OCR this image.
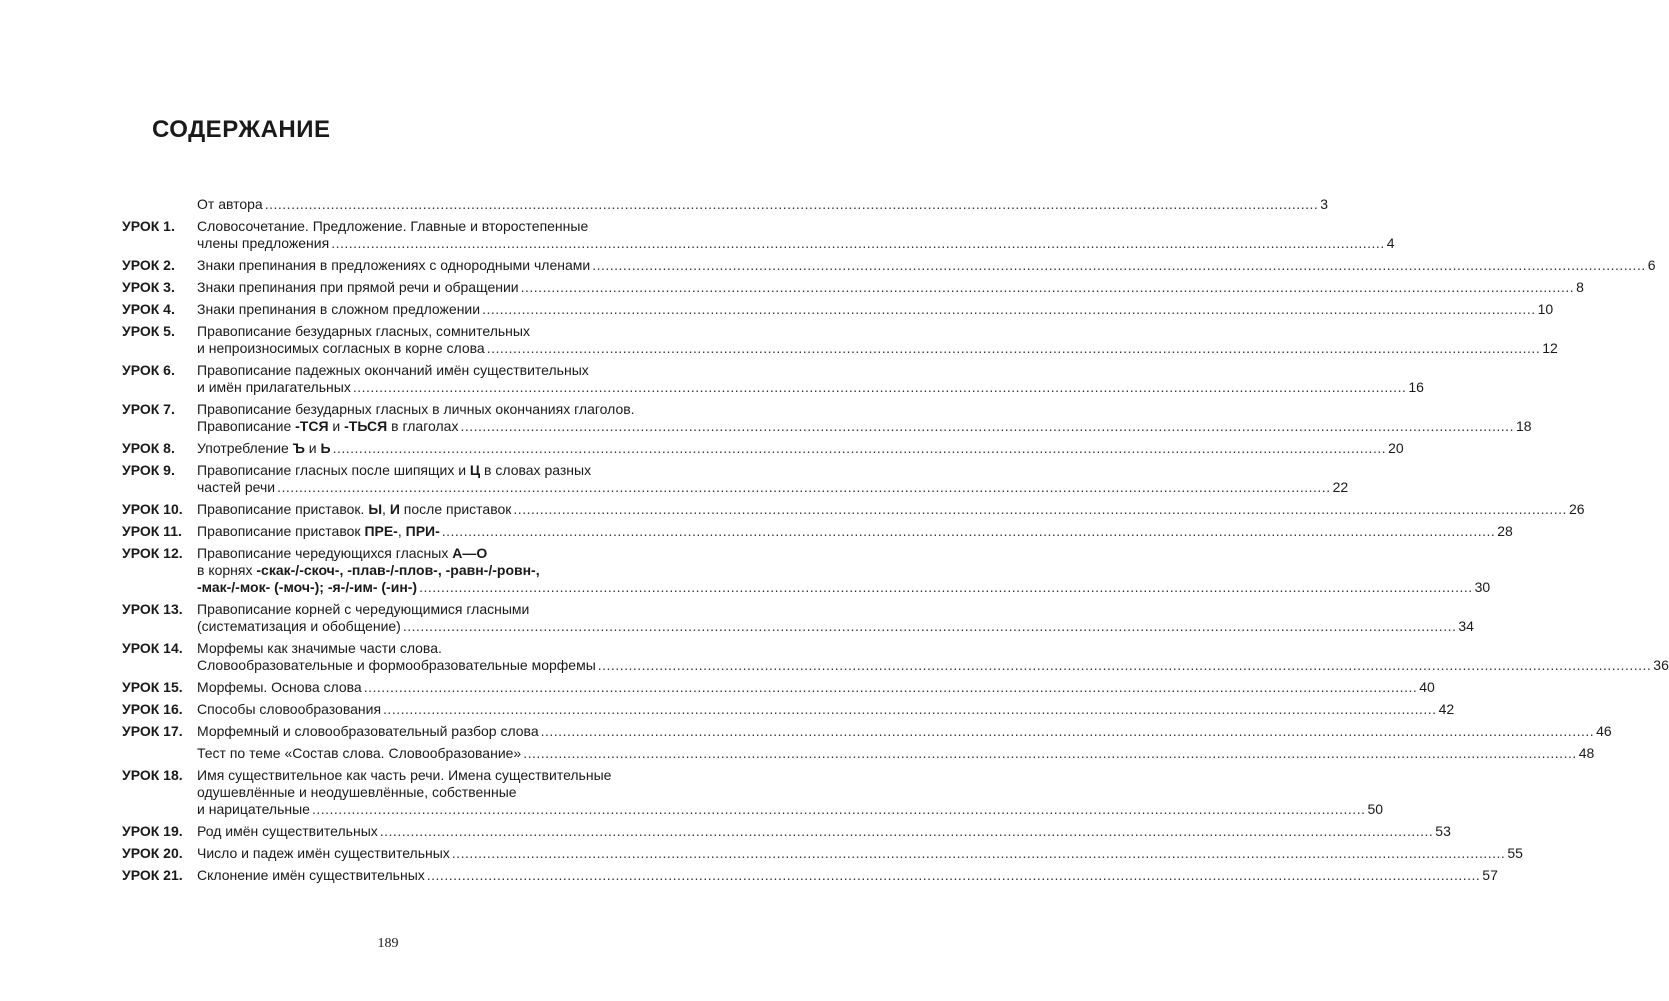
СОДЕРЖАНИЕ
От автора ................................................................................................................................................................................................................................................ 3
УРОК 1.	Словосочетание. Предложение. Главные и второстепенные
члены предложения ................................................................................................................................................................................................................................................ 4
УРОК 2.	Знаки препинания в предложениях с однородными членами ................................................................................................................................................................................................................................................ 6
УРОК 3.	Знаки препинания при прямой речи и обращении ................................................................................................................................................................................................................................................ 8
УРОК 4.	Знаки препинания в сложном предложении ................................................................................................................................................................................................................................................ 10
УРОК 5.	Правописание безударных гласных, сомнительных
и непроизносимых согласных в корне слова ................................................................................................................................................................................................................................................ 12
УРОК 6.	Правописание падежных окончаний имён существительных
и имён прилагательных ................................................................................................................................................................................................................................................ 16
УРОК 7.	Правописание безударных гласных в личных окончаниях глаголов.
Правописание -ТСЯ и -ТЬСЯ в глаголах ................................................................................................................................................................................................................................................ 18
УРОК 8.	Употребление Ъ и Ь ................................................................................................................................................................................................................................................ 20
УРОК 9.	Правописание гласных после шипящих и Ц в словах разных
частей речи ................................................................................................................................................................................................................................................ 22
УРОК 10.	Правописание приставок. Ы, И после приставок ................................................................................................................................................................................................................................................ 26
УРОК 11.	Правописание приставок ПРЕ-, ПРИ- ................................................................................................................................................................................................................................................ 28
УРОК 12.	Правописание чередующихся гласных А—О
в корнях -скак-/-скоч-, -плав-/-плов-, -равн-/-ровн-,
-мак-/-мок- (-моч-); -я-/-им- (-ин-) ................................................................................................................................................................................................................................................ 30
УРОК 13.	Правописание корней с чередующимися гласными
(систематизация и обобщение) ................................................................................................................................................................................................................................................ 34
УРОК 14.	Морфемы как значимые части слова.
Словообразовательные и формообразовательные морфемы ................................................................................................................................................................................................................................................ 36
УРОК 15.	Морфемы. Основа слова ................................................................................................................................................................................................................................................ 40
УРОК 16.	Способы словообразования ................................................................................................................................................................................................................................................ 42
УРОК 17.	Морфемный и словообразовательный разбор слова ................................................................................................................................................................................................................................................ 46
Тест по теме «Состав слова. Словообразование» ................................................................................................................................................................................................................................................ 48
УРОК 18.	Имя существительное как часть речи. Имена существительные
одушевлённые и неодушевлённые, собственные
и нарицательные ................................................................................................................................................................................................................................................ 50
УРОК 19.	Род имён существительных ................................................................................................................................................................................................................................................ 53
УРОК 20.	Число и падеж имён существительных ................................................................................................................................................................................................................................................ 55
УРОК 21.	Склонение имён существительных ................................................................................................................................................................................................................................................ 57
189
